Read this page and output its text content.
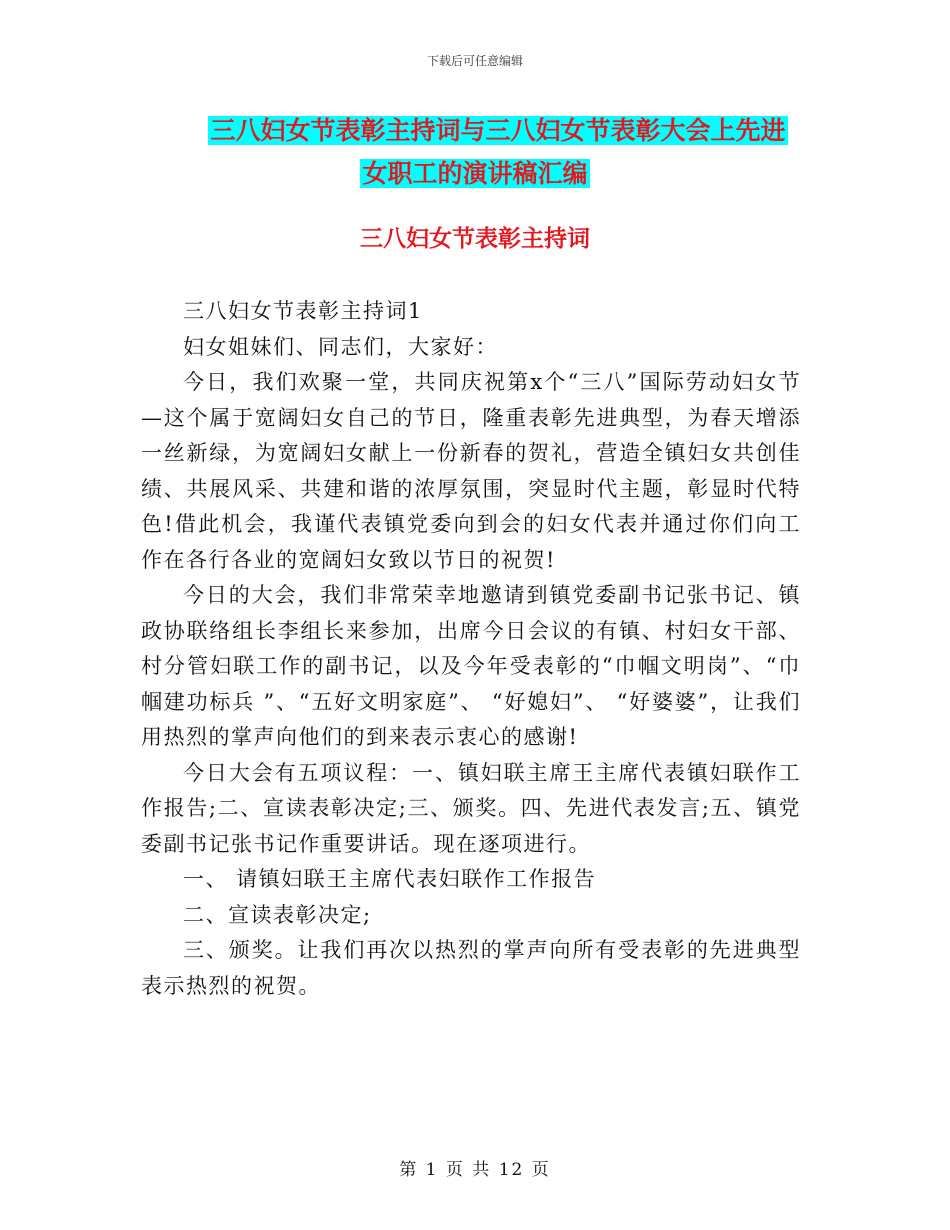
下载后可任意编辑
三八妇女节表彰主持词与三八妇女节表彰大会上先进
女职工的演讲稿汇编
三八妇女节表彰主持词

三八妇女节表彰主持词1

妇女姐妹们、同志们，大家好：

今日，我们欢聚一堂，共同庆祝第x个“三八”国际劳动妇女节—这个属于宽阔妇女自己的节日，隆重表彰先进典型，为春天增添一丝新绿，为宽阔妇女献上一份新春的贺礼，营造全镇妇女共创佳绩、共展风采、共建和谐的浓厚氛围，突显时代主题，彰显时代特色!借此机会，我谨代表镇党委向到会的妇女代表并通过你们向工作在各行各业的宽阔妇女致以节日的祝贺!

今日的大会，我们非常荣幸地邀请到镇党委副书记张书记、镇政协联络组长李组长来参加，出席今日会议的有镇、村妇女干部、村分管妇联工作的副书记，以及今年受表彰的“巾帼文明岗”、“巾帼建功标兵 ”、“五好文明家庭”、 “好媳妇”、 “好婆婆”，让我们用热烈的掌声向他们的到来表示衷心的感谢!

今日大会有五项议程：一、镇妇联主席王主席代表镇妇联作工作报告;二、宣读表彰决定;三、颁奖。四、先进代表发言;五、镇党委副书记张书记作重要讲话。现在逐项进行。

一、 请镇妇联王主席代表妇联作工作报告

二、宣读表彰决定;

三、颁奖。让我们再次以热烈的掌声向所有受表彰的先进典型表示热烈的祝贺。

第 1 页 共 12 页
